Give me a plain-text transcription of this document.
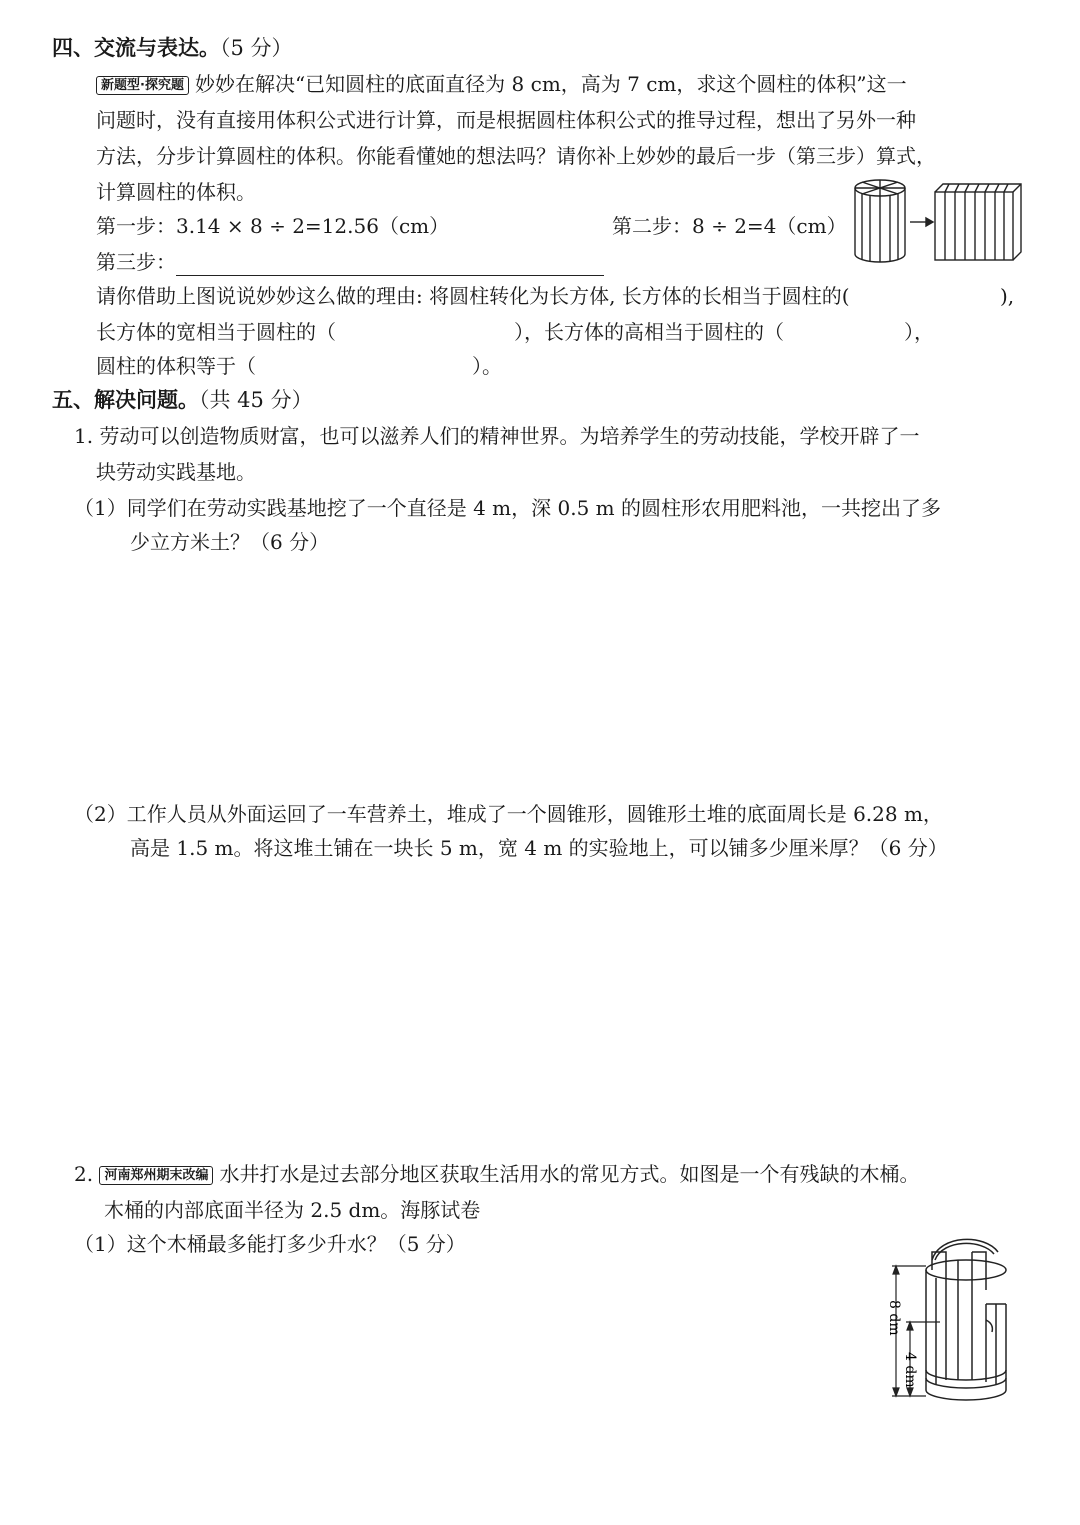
四、交流与表达。（5 分）
新题型·探究题 妙妙在解决“已知圆柱的底面直径为 8 cm，高为 7 cm，求这个圆柱的体积”这一
问题时，没有直接用体积公式进行计算，而是根据圆柱体积公式的推导过程，想出了另外一种
方法，分步计算圆柱的体积。你能看懂她的想法吗？请你补上妙妙的最后一步（第三步）算式，
计算圆柱的体积。
第一步：3.14 × 8 ÷ 2=12.56（cm）	第二步：8 ÷ 2=4（cm）
第三步：
请你借助上图说说妙妙这么做的理由: 将圆柱转化为长方体, 长方体的长相当于圆柱的(	),
长方体的宽相当于圆柱的（	），长方体的高相当于圆柱的（	），
圆柱的体积等于（	）。
五、解决问题。（共 45 分）
1. 劳动可以创造物质财富，也可以滋养人们的精神世界。为培养学生的劳动技能，学校开辟了一
块劳动实践基地。
（1）同学们在劳动实践基地挖了一个直径是 4 m，深 0.5 m 的圆柱形农用肥料池，一共挖出了多
少立方米土？（6 分）
（2）工作人员从外面运回了一车营养土，堆成了一个圆锥形，圆锥形土堆的底面周长是 6.28 m，
高是 1.5 m。将这堆土铺在一块长 5 m，宽 4 m 的实验地上，可以铺多少厘米厚？（6 分）
2. 河南郑州期末改编 水井打水是过去部分地区获取生活用水的常见方式。如图是一个有残缺的木桶。
木桶的内部底面半径为 2.5 dm。海豚试卷
（1）这个木桶最多能打多少升水？（5 分）
8 dm
4 dm
